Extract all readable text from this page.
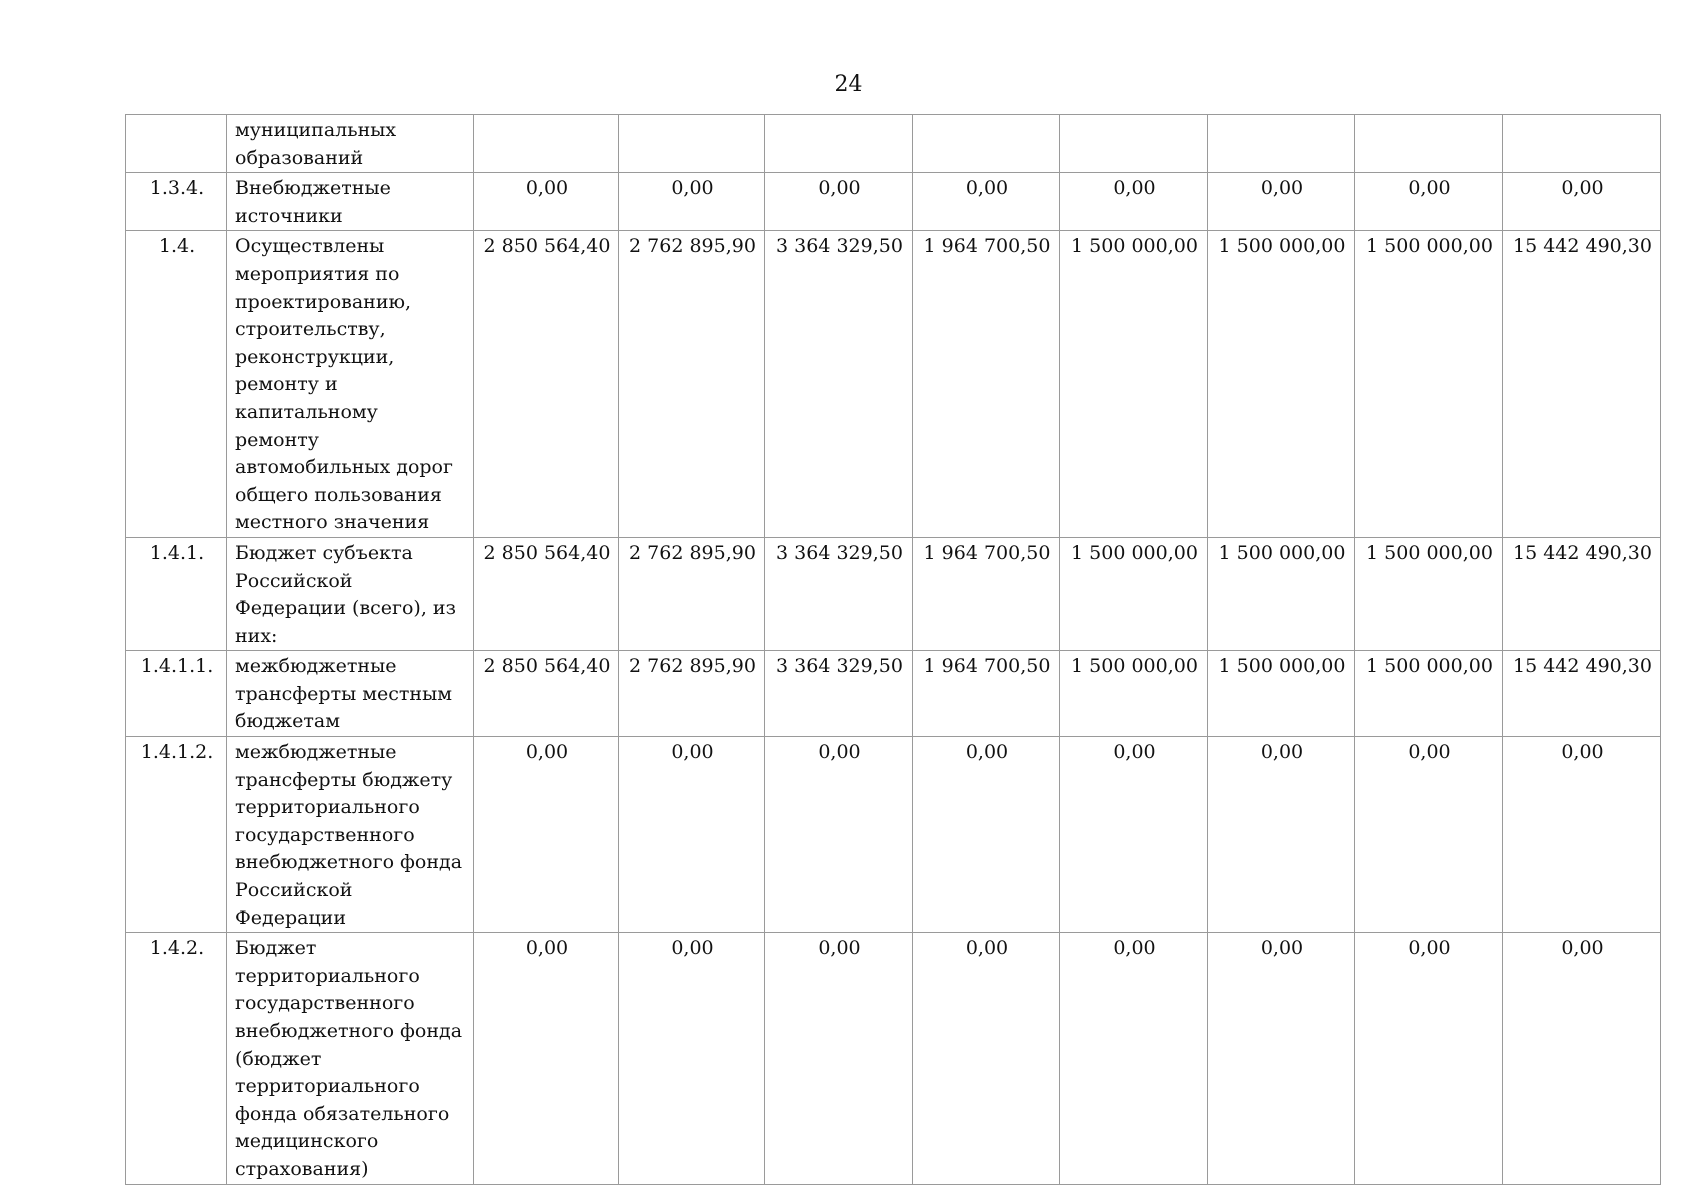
24
	муниципальных образований								
1.3.4.	Внебюджетные источники	0,00	0,00	0,00	0,00	0,00	0,00	0,00	0,00
1.4.	Осуществлены мероприятия по проектированию, строительству, реконструкции, ремонту и капитальному ремонту автомобильных дорог общего пользования местного значения	2 850 564,40	2 762 895,90	3 364 329,50	1 964 700,50	1 500 000,00	1 500 000,00	1 500 000,00	15 442 490,30
1.4.1.	Бюджет субъекта Российской Федерации (всего), из них:	2 850 564,40	2 762 895,90	3 364 329,50	1 964 700,50	1 500 000,00	1 500 000,00	1 500 000,00	15 442 490,30
1.4.1.1.	межбюджетные трансферты местным бюджетам	2 850 564,40	2 762 895,90	3 364 329,50	1 964 700,50	1 500 000,00	1 500 000,00	1 500 000,00	15 442 490,30
1.4.1.2.	межбюджетные трансферты бюджету территориального государственного внебюджетного фонда Российской Федерации	0,00	0,00	0,00	0,00	0,00	0,00	0,00	0,00
1.4.2.	Бюджет территориального государственного внебюджетного фонда (бюджет территориального фонда обязательного медицинского страхования)	0,00	0,00	0,00	0,00	0,00	0,00	0,00	0,00
